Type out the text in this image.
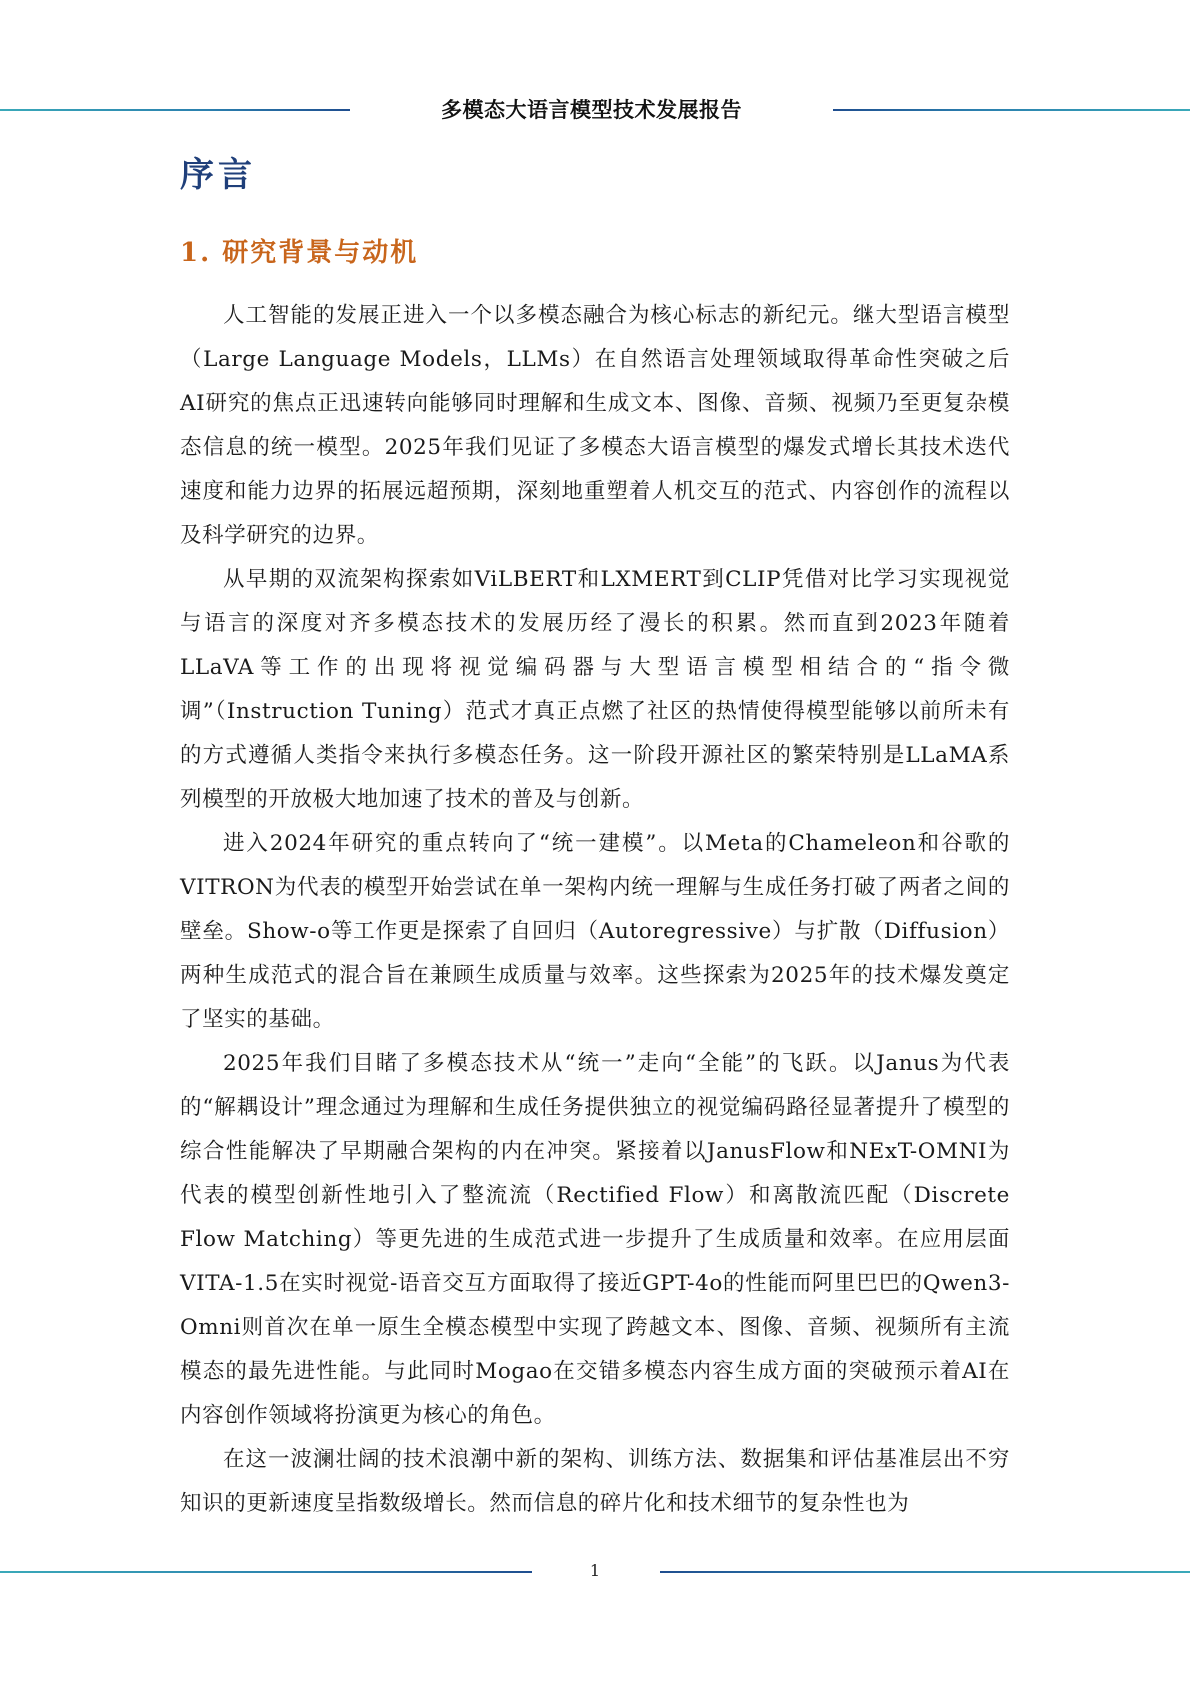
多模态大语言模型技术发展报告
序言
1. 研究背景与动机

人工智能的发展正进入一个以多模态融合为核心标志的新纪元。继大型语言模型（Large Language Models，LLMs）在自然语言处理领域取得革命性突破之后AI研究的焦点正迅速转向能够同时理解和生成文本、图像、音频、视频乃至更复杂模态信息的统一模型。2025年我们见证了多模态大语言模型的爆发式增长其技术迭代速度和能力边界的拓展远超预期，深刻地重塑着人机交互的范式、内容创作的流程以及科学研究的边界。

从早期的双流架构探索如ViLBERT和LXMERT到CLIP凭借对比学习实现视觉与语言的深度对齐多模态技术的发展历经了漫长的积累。然而直到2023年随着LLaVA等工作的出现将视觉编码器与大型语言模型相结合的“指令微调”（Instruction Tuning）范式才真正点燃了社区的热情使得模型能够以前所未有的方式遵循人类指令来执行多模态任务。这一阶段开源社区的繁荣特别是LLaMA系列模型的开放极大地加速了技术的普及与创新。

进入2024年研究的重点转向了“统一建模”。以Meta的Chameleon和谷歌的VITRON为代表的模型开始尝试在单一架构内统一理解与生成任务打破了两者之间的壁垒。Show-o等工作更是探索了自回归（Autoregressive）与扩散（Diffusion）两种生成范式的混合旨在兼顾生成质量与效率。这些探索为2025年的技术爆发奠定了坚实的基础。

2025年我们目睹了多模态技术从“统一”走向“全能”的飞跃。以Janus为代表的“解耦设计”理念通过为理解和生成任务提供独立的视觉编码路径显著提升了模型的综合性能解决了早期融合架构的内在冲突。紧接着以JanusFlow和NExT-OMNI为代表的模型创新性地引入了整流流（Rectified Flow）和离散流匹配（Discrete Flow Matching）等更先进的生成范式进一步提升了生成质量和效率。在应用层面VITA-1.5在实时视觉-语音交互方面取得了接近GPT-4o的性能而阿里巴巴的Qwen3-Omni则首次在单一原生全模态模型中实现了跨越文本、图像、音频、视频所有主流模态的最先进性能。与此同时Mogao在交错多模态内容生成方面的突破预示着AI在内容创作领域将扮演更为核心的角色。

在这一波澜壮阔的技术浪潮中新的架构、训练方法、数据集和评估基准层出不穷知识的更新速度呈指数级增长。然而信息的碎片化和技术细节的复杂性也为

1
